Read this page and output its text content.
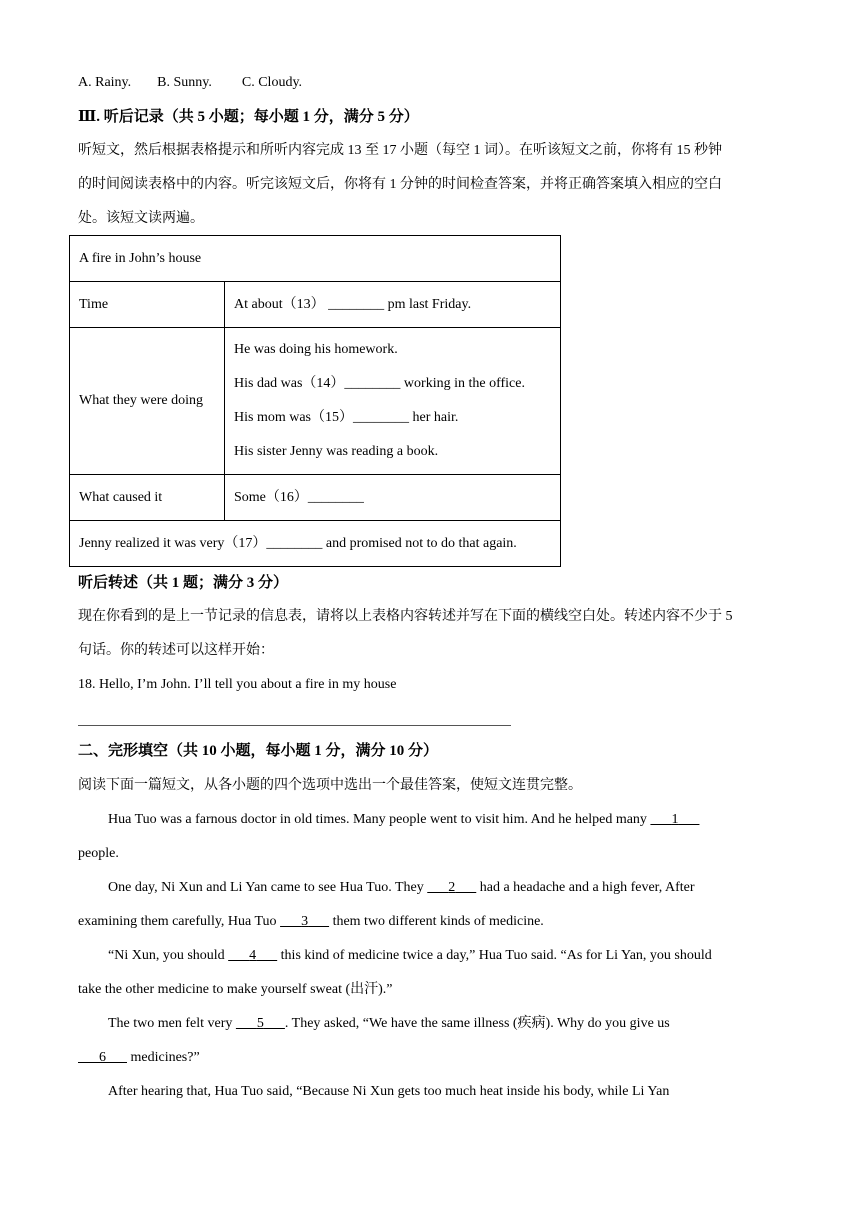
A. Rainy. B. Sunny. C. Cloudy.
Ⅲ. 听后记录（共 5 小题；每小题 1 分，满分 5 分）
听短文，然后根据表格提示和所听内容完成 13 至 17 小题（每空 1 词）。在听该短文之前，你将有 15 秒钟
的时间阅读表格中的内容。听完该短文后，你将有 1 分钟的时间检查答案，并将正确答案填入相应的空白
处。该短文读两遍。
A fire in John’s house	
Time	At about（13） ________ pm last Friday.
What they were doing	He was doing his homework.
His dad was（14）________ working in the office.
His mom was（15）________ her hair.
His sister Jenny was reading a book.

What caused it	Some（16）________
Jenny realized it was very（17）________ and promised not to do that again.	
听后转述（共 1 题；满分 3 分）
现在你看到的是上一节记录的信息表，请将以上表格内容转述并写在下面的横线空白处。转述内容不少于 5
句话。你的转述可以这样开始：
18. Hello, I’m John. I’ll tell you about a fire in my house
二、完形填空（共 10 小题，每小题 1 分，满分 10 分）
阅读下面一篇短文，从各小题的四个选项中选出一个最佳答案，使短文连贯完整。
Hua Tuo was a farnous doctor in old times. Many people went to visit him. And he helped many 1
people.
One day, Ni Xun and Li Yan came to see Hua Tuo. They 2 had a headache and a high fever, After
examining them carefully, Hua Tuo 3 them two different kinds of medicine.
“Ni Xun, you should 4 this kind of medicine twice a day,” Hua Tuo said. “As for Li Yan, you should
take the other medicine to make yourself sweat (出汗).”
The two men felt very 5 . They asked, “We have the same illness (疾病). Why do you give us
6 medicines?”
After hearing that, Hua Tuo said, “Because Ni Xun gets too much heat inside his body, while Li Yan
